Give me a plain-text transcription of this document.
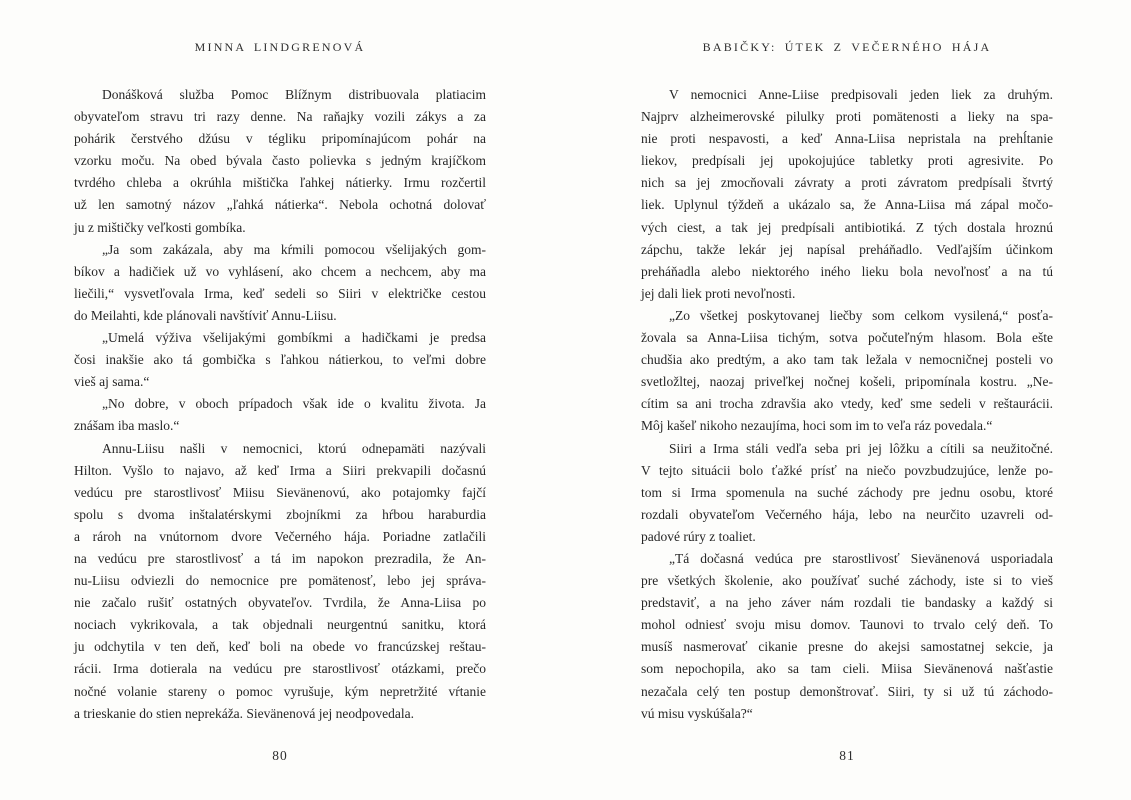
MINNA LINDGRENOVÁ

Donášková služba Pomoc Blížnym distribuovala platiacim
obyvateľom stravu tri razy denne. Na raňajky vozili zákys a za
pohárik čerstvého džúsu v tégliku pripomínajúcom pohár na
vzorku moču. Na obed bývala často polievka s jedným krajíčkom
tvrdého chleba a okrúhla mištička ľahkej nátierky. Irmu rozčertil
už len samotný názov „ľahká nátierka“. Nebola ochotná dolovať
ju z mištičky veľkosti gombíka.

„Ja som zakázala, aby ma kŕmili pomocou všelijakých gom-
bíkov a hadičiek už vo vyhlásení, ako chcem a nechcem, aby ma
liečili,“ vysvetľovala Irma, keď sedeli so Siiri v električke cestou
do Meilahti, kde plánovali navštíviť Annu-Liisu.

„Umelá výživa všelijakými gombíkmi a hadičkami je predsa
čosi inakšie ako tá gombička s ľahkou nátierkou, to veľmi dobre
vieš aj sama.“

„No dobre, v oboch prípadoch však ide o kvalitu života. Ja
znášam iba maslo.“

Annu-Liisu našli v nemocnici, ktorú odnepamäti nazývali
Hilton. Vyšlo to najavo, až keď Irma a Siiri prekvapili dočasnú
vedúcu pre starostlivosť Miisu Sievänenovú, ako potajomky fajčí
spolu s dvoma inštalatérskymi zbojníkmi za hŕbou haraburdia
a rároh na vnútornom dvore Večerného hája. Poriadne zatlačili
na vedúcu pre starostlivosť a tá im napokon prezradila, že An-
nu-Liisu odviezli do nemocnice pre pomätenosť, lebo jej správa-
nie začalo rušiť ostatných obyvateľov. Tvrdila, že Anna-Liisa po
nociach vykrikovala, a tak objednali neurgentnú sanitku, ktorá
ju odchytila v ten deň, keď boli na obede vo francúzskej reštau-
rácii. Irma dotierala na vedúcu pre starostlivosť otázkami, prečo
nočné volanie stareny o pomoc vyrušuje, kým nepretržité vŕtanie
a trieskanie do stien neprekáža. Sievänenová jej neodpovedala.

80
BABIČKY: ÚTEK Z VEČERNÉHO HÁJA

V nemocnici Anne-Liise predpisovali jeden liek za druhým.
Najprv alzheimerovské pilulky proti pomätenosti a lieky na spa-
nie proti nespavosti, a keď Anna-Liisa nepristala na prehĺtanie
liekov, predpísali jej upokojujúce tabletky proti agresivite. Po
nich sa jej zmocňovali závraty a proti závratom predpísali štvrtý
liek. Uplynul týždeň a ukázalo sa, že Anna-Liisa má zápal močo-
vých ciest, a tak jej predpísali antibiotiká. Z tých dostala hroznú
zápchu, takže lekár jej napísal preháňadlo. Vedľajším účinkom
preháňadla alebo niektorého iného lieku bola nevoľnosť a na tú
jej dali liek proti nevoľnosti.

„Zo všetkej poskytovanej liečby som celkom vysilená,“ posťa-
žovala sa Anna-Liisa tichým, sotva počuteľným hlasom. Bola ešte
chudšia ako predtým, a ako tam tak ležala v nemocničnej posteli vo
svetložltej, naozaj priveľkej nočnej košeli, pripomínala kostru. „Ne-
cítim sa ani trocha zdravšia ako vtedy, keď sme sedeli v reštaurácii.
Môj kašeľ nikoho nezaujíma, hoci som im to veľa ráz povedala.“

Siiri a Irma stáli vedľa seba pri jej lôžku a cítili sa neužitočné.
V tejto situácii bolo ťažké prísť na niečo povzbudzujúce, lenže po-
tom si Irma spomenula na suché záchody pre jednu osobu, ktoré
rozdali obyvateľom Večerného hája, lebo na neurčito uzavreli od-
padové rúry z toaliet.

„Tá dočasná vedúca pre starostlivosť Sievänenová usporiadala
pre všetkých školenie, ako používať suché záchody, iste si to vieš
predstaviť, a na jeho záver nám rozdali tie bandasky a každý si
mohol odniesť svoju misu domov. Taunovi to trvalo celý deň. To
musíš nasmerovať cikanie presne do akejsi samostatnej sekcie, ja
som nepochopila, ako sa tam cieli. Miisa Sievänenová našťastie
nezačala celý ten postup demonštrovať. Siiri, ty si už tú záchodo-
vú misu vyskúšala?“

81
